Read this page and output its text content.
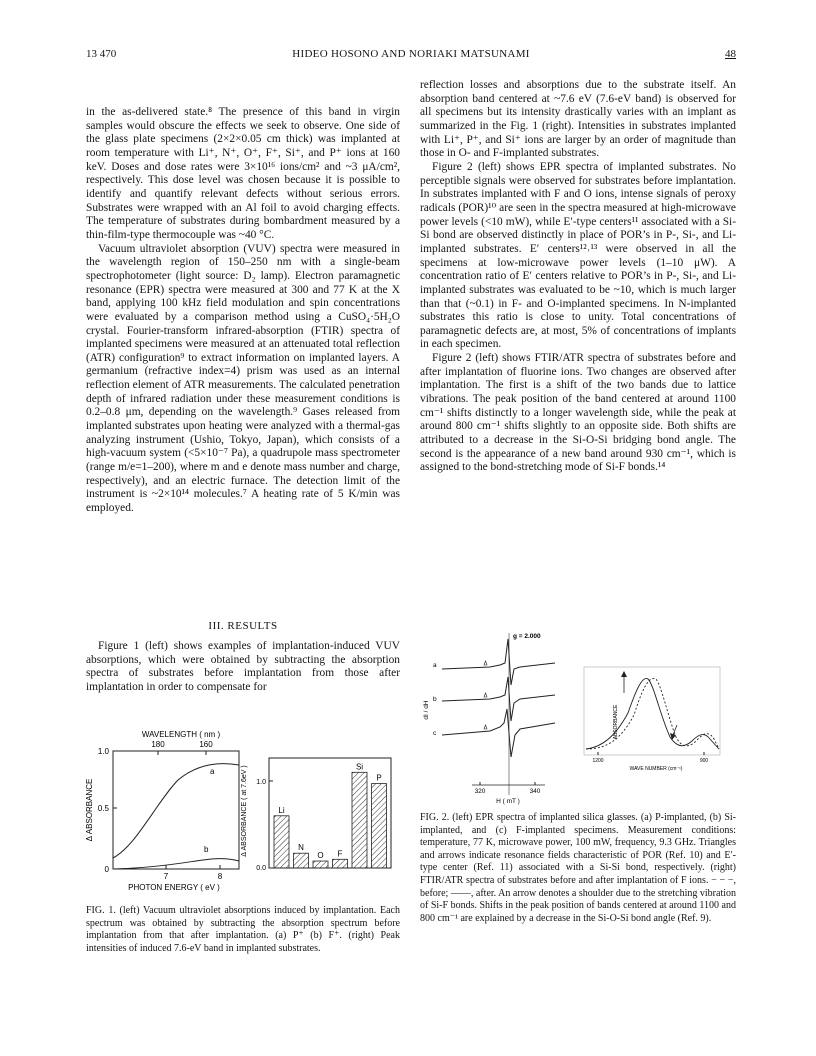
13 470	HIDEO HOSONO AND NORIAKI MATSUNAMI	48

in the as-delivered state.⁸ The presence of this band in virgin samples would obscure the effects we seek to observe. One side of the glass plate specimens (2×2×0.05 cm thick) was implanted at room temperature with Li⁺, N⁺, O⁺, F⁺, Si⁺, and P⁺ ions at 160 keV. Doses and dose rates were 3×10¹⁶ ions/cm² and ~3 μA/cm², respectively. This dose level was chosen because it is possible to identify and quantify relevant defects without serious errors. Substrates were wrapped with an Al foil to avoid charging effects. The temperature of substrates during bombardment measured by a thin-film-type thermocouple was ~40 °C.

Vacuum ultraviolet absorption (VUV) spectra were measured in the wavelength region of 150–250 nm with a single-beam spectrophotometer (light source: D₂ lamp). Electron paramagnetic resonance (EPR) spectra were measured at 300 and 77 K at the X band, applying 100 kHz field modulation and spin concentrations were evaluated by a comparison method using a CuSO₄·5H₂O crystal. Fourier-transform infrared-absorption (FTIR) spectra of implanted specimens were measured at an attenuated total reflection (ATR) configuration⁹ to extract information on implanted layers. A germanium (refractive index=4) prism was used as an internal reflection element of ATR measurements. The calculated penetration depth of infrared radiation under these measurement conditions is 0.2–0.8 μm, depending on the wavelength.⁹ Gases released from implanted substrates upon heating were analyzed with a thermal-gas analyzing instrument (Ushio, Tokyo, Japan), which consists of a high-vacuum system (<5×10⁻⁷ Pa), a quadrupole mass spectrometer (range m/e=1–200), where m and e denote mass number and charge, respectively), and an electric furnace. The detection limit of the instrument is ~2×10¹⁴ molecules.⁷ A heating rate of 5 K/min was employed.

III. RESULTS
Figure 1 (left) shows examples of implantation-induced VUV absorptions, which were obtained by subtracting the absorption spectra of substrates before implantation from those after implantation in order to compensate for

reflection losses and absorptions due to the substrate itself. An absorption band centered at ~7.6 eV (7.6-eV band) is observed for all specimens but its intensity drastically varies with an implant as summarized in the Fig. 1 (right). Intensities in substrates implanted with Li⁺, P⁺, and Si⁺ ions are larger by an order of magnitude than those in O- and F-implanted substrates.

Figure 2 (left) shows EPR spectra of implanted substrates. No perceptible signals were observed for substrates before implantation. In substrates implanted with F and O ions, intense signals of peroxy radicals (POR)¹⁰ are seen in the spectra measured at high-microwave power levels (<10 mW), while E′-type centers¹¹ associated with a Si-Si bond are observed distinctly in place of POR’s in P-, Si-, and Li-implanted substrates. E′ centers¹²˒¹³ were observed in all the specimens at low-microwave power levels (1–10 μW). A concentration ratio of E′ centers relative to POR’s in P-, Si-, and Li-implanted substrates was evaluated to be ~10, which is much larger than that (~0.1) in F- and O-implanted specimens. In N-implanted substrates this ratio is close to unity. Total concentrations of paramagnetic defects are, at most, 5% of concentrations of implants in each specimen.

Figure 2 (left) shows FTIR/ATR spectra of substrates before and after implantation of fluorine ions. Two changes are observed after implantation. The first is a shift of the two bands due to lattice vibrations. The peak position of the band centered at around 1100 cm⁻¹ shifts distinctly to a longer wavelength side, while the peak at around 800 cm⁻¹ shifts slightly to an opposite side. Both shifts are attributed to a decrease in the Si-O-Si bridging bond angle. The second is the appearance of a new band around 930 cm⁻¹, which is assigned to the bond-stretching mode of Si-F bonds.¹⁴

WAVELENGTH ( nm )
180	160
1.0
0.5
0
Δ ABSORBANCE
7	8
PHOTON ENERGY ( eV )
a
b	Δ ABSORBANCE ( at 7.6eV ) 1.0
0.0
Li
N
O F
Si
P
FIG. 1. (left) Vacuum ultraviolet absorptions induced by implantation. Each spectrum was obtained by subtracting the absorption spectrum before implantation from that after implantation. (a) P⁺ (b) F⁺. (right) Peak intensities of induced 7.6-eV band in implanted substrates.
g = 2.000
dI / dH
a
b
c
320	340
H ( mT )
ABSORBANCE
1200	900
WAVE NUMBER (cm⁻¹)
FIG. 2. (left) EPR spectra of implanted silica glasses. (a) P-implanted, (b) Si-implanted, and (c) F-implanted specimens. Measurement conditions: temperature, 77 K, microwave power, 100 mW, frequency, 9.3 GHz. Triangles and arrows indicate resonance fields characteristic of POR (Ref. 10) and E′-type center (Ref. 11) associated with a Si-Si bond, respectively. (right) FTIR/ATR spectra of substrates before and after implantation of F ions. − − −, before; ——, after. An arrow denotes a shoulder due to the stretching vibration of Si-F bonds. Shifts in the peak position of bands centered at around 1100 and 800 cm⁻¹ are explained by a decrease in the Si-O-Si bond angle (Ref. 9).
